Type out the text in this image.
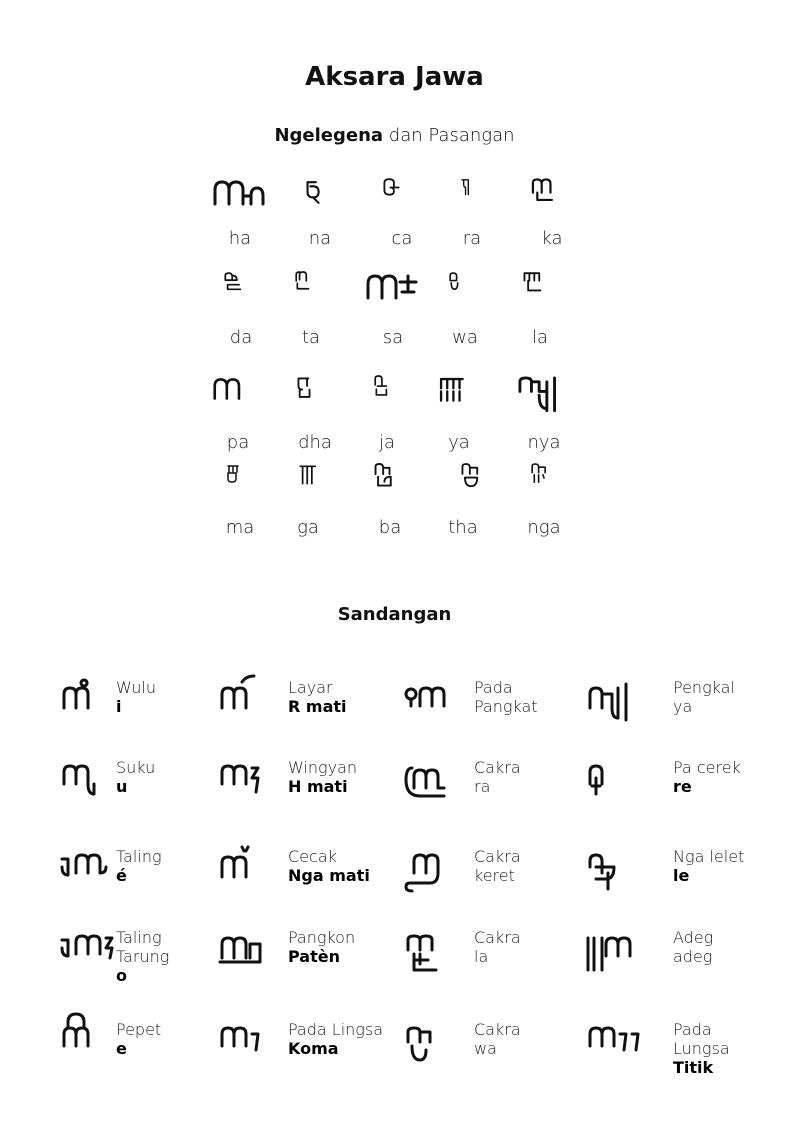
Aksara Jawa
Ngelegena dan Pasangan
Sandangan
ha	na	ca	ra	ka
da	ta	sa	wa	la
pa	dha	ja	ya	nya
ma	ga	ba	tha	nga
Wulu
i
Layar
R mati
Pada
Pangkat
Pengkal
ya
Suku
u
Wingyan
H mati
Cakra
ra
Pa cerek
re
Taling
é
Cecak
Nga mati
Cakra
keret
Nga lelet
le
Taling
Tarung
o
Pangkon
Patèn
Cakra
la
Adeg
adeg
Pepet
e
Pada Lingsa
Koma
Cakra
wa
Pada
Lungsa
Titik
